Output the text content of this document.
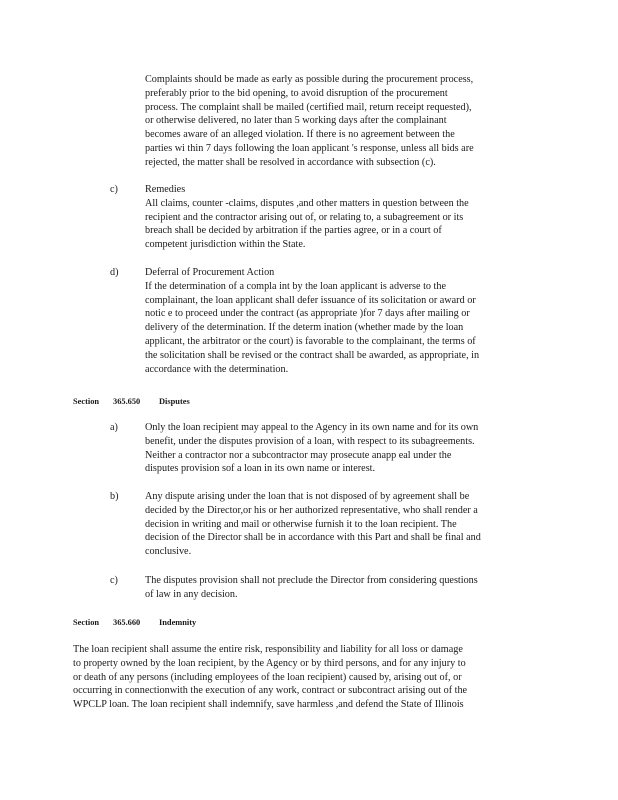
Complaints should be made as early as possible during the procurement process,
preferably prior to the bid opening, to avoid disruption of the procurement
process. The complaint shall be mailed (certified mail, return receipt requested),
or otherwise delivered, no later than 5 working days after the complainant
becomes aware of an alleged violation. If there is no agreement between the
parties wi thin 7 days following the loan applicant 's response, unless all bids are
rejected, the matter shall be resolved in accordance with subsection (c).
c)	Remedies
All claims, counter -claims, disputes ,and other matters in question between the
recipient and the contractor arising out of, or relating to, a subagreement or its
breach shall be decided by arbitration if the parties agree, or in a court of
competent jurisdiction within the State.
d)	Deferral of Procurement Action
If the determination of a compla int by the loan applicant is adverse to the
complainant, the loan applicant shall defer issuance of its solicitation or award or
notic e to proceed under the contract (as appropriate )for 7 days after mailing or
delivery of the determination. If the determ ination (whether made by the loan
applicant, the arbitrator or the court) is favorable to the complainant, the terms of
the solicitation shall be revised or the contract shall be awarded, as appropriate, in
accordance with the determination.
Section 365.650 Disputes
a)	Only the loan recipient may appeal to the Agency in its own name and for its own
benefit, under the disputes provision of a loan, with respect to its subagreements.
Neither a contractor nor a subcontractor may prosecute anapp eal under the
disputes provision sof a loan in its own name or interest.
b)	Any dispute arising under the loan that is not disposed of by agreement shall be
decided by the Director,or his or her authorized representative, who shall render a
decision in writing and mail or otherwise furnish it to the loan recipient. The
decision of the Director shall be in accordance with this Part and shall be final and
conclusive.
c)	The disputes provision shall not preclude the Director from considering questions
of law in any decision.
Section 365.660 Indemnity
The loan recipient shall assume the entire risk, responsibility and liability for all loss or damage
to property owned by the loan recipient, by the Agency or by third persons, and for any injury to
or death of any persons (including employees of the loan recipient) caused by, arising out of, or
occurring in connectionwith the execution of any work, contract or subcontract arising out of the
WPCLP loan. The loan recipient shall indemnify, save harmless ,and defend the State of Illinois
